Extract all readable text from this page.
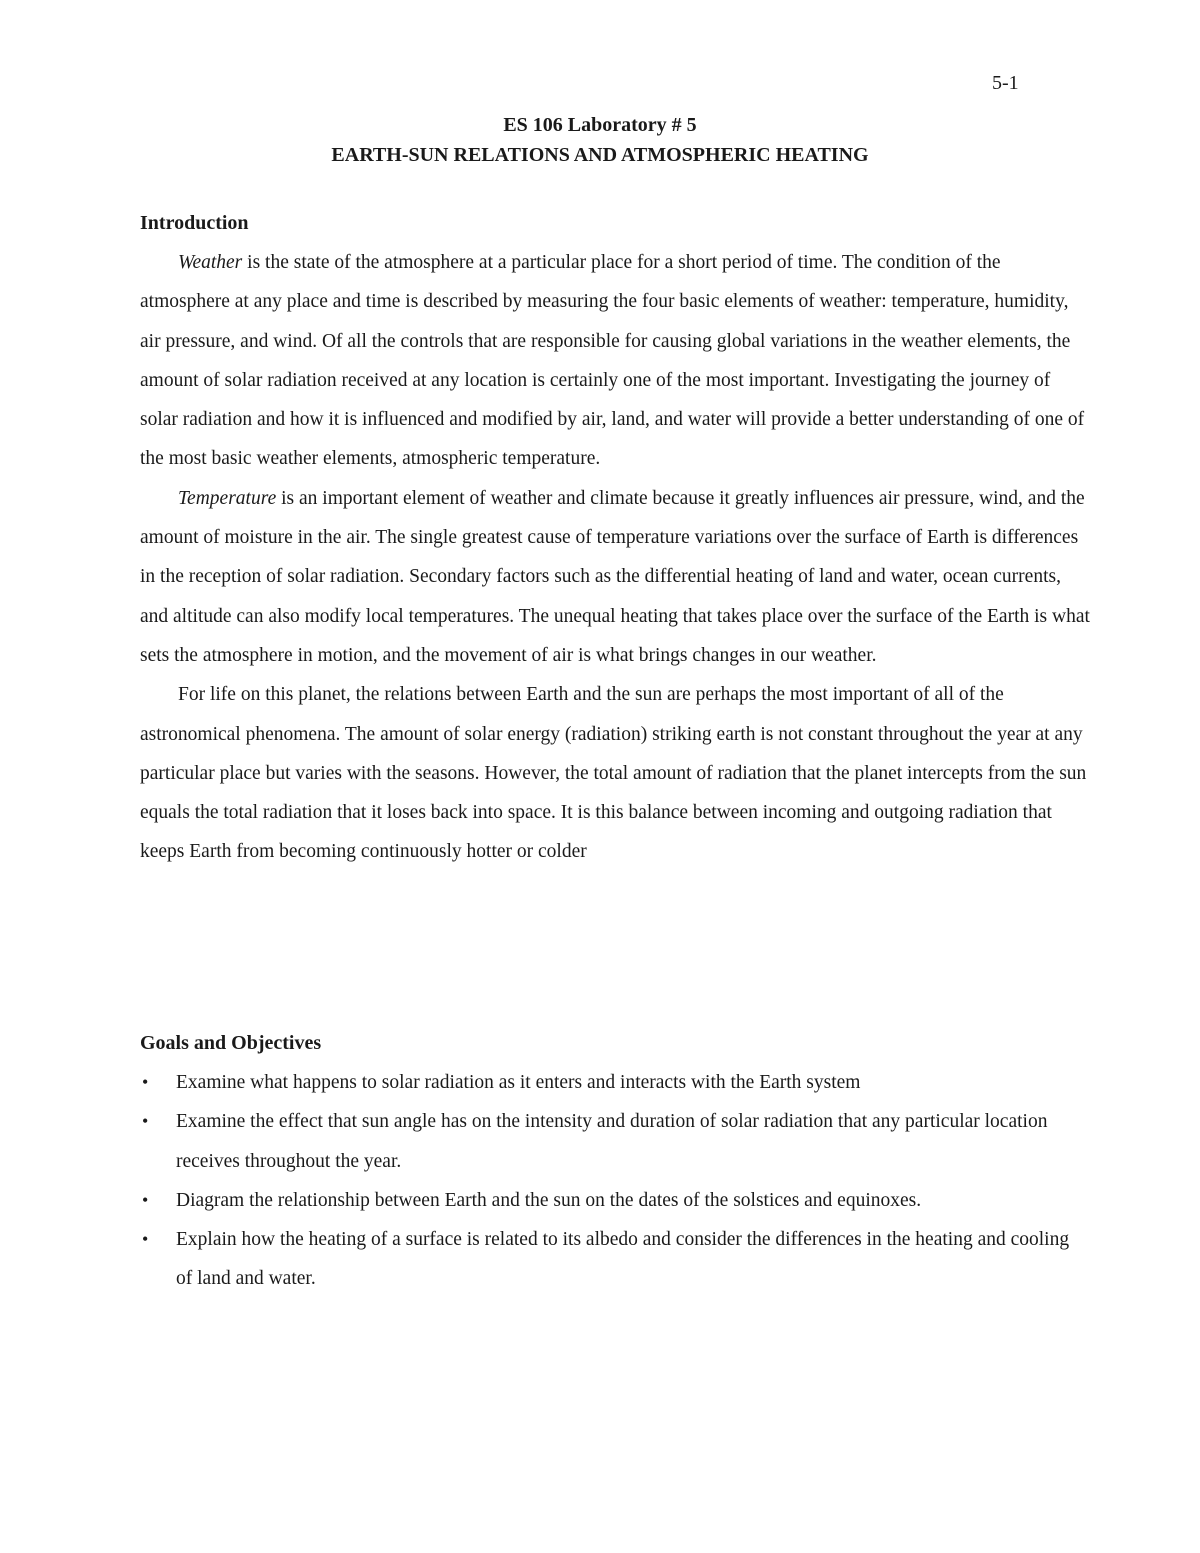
5-1
ES 106 Laboratory # 5
EARTH-SUN RELATIONS AND ATMOSPHERIC HEATING
Introduction

Weather is the state of the atmosphere at a particular place for a short period of time. The condition of the atmosphere at any place and time is described by measuring the four basic elements of weather: temperature, humidity, air pressure, and wind. Of all the controls that are responsible for causing global variations in the weather elements, the amount of solar radiation received at any location is certainly one of the most important. Investigating the journey of solar radiation and how it is influenced and modified by air, land, and water will provide a better understanding of one of the most basic weather elements, atmospheric temperature.

Temperature is an important element of weather and climate because it greatly influences air pressure, wind, and the amount of moisture in the air. The single greatest cause of temperature variations over the surface of Earth is differences in the reception of solar radiation. Secondary factors such as the differential heating of land and water, ocean currents, and altitude can also modify local temperatures. The unequal heating that takes place over the surface of the Earth is what sets the atmosphere in motion, and the movement of air is what brings changes in our weather.

For life on this planet, the relations between Earth and the sun are perhaps the most important of all of the astronomical phenomena. The amount of solar energy (radiation) striking earth is not constant throughout the year at any particular place but varies with the seasons. However, the total amount of radiation that the planet intercepts from the sun equals the total radiation that it loses back into space. It is this balance between incoming and outgoing radiation that keeps Earth from becoming continuously hotter or colder

Goals and Objectives
• Examine what happens to solar radiation as it enters and interacts with the Earth system
• Examine the effect that sun angle has on the intensity and duration of solar radiation that any particular location receives throughout the year.
• Diagram the relationship between Earth and the sun on the dates of the solstices and equinoxes.
• Explain how the heating of a surface is related to its albedo and consider the differences in the heating and cooling of land and water.
